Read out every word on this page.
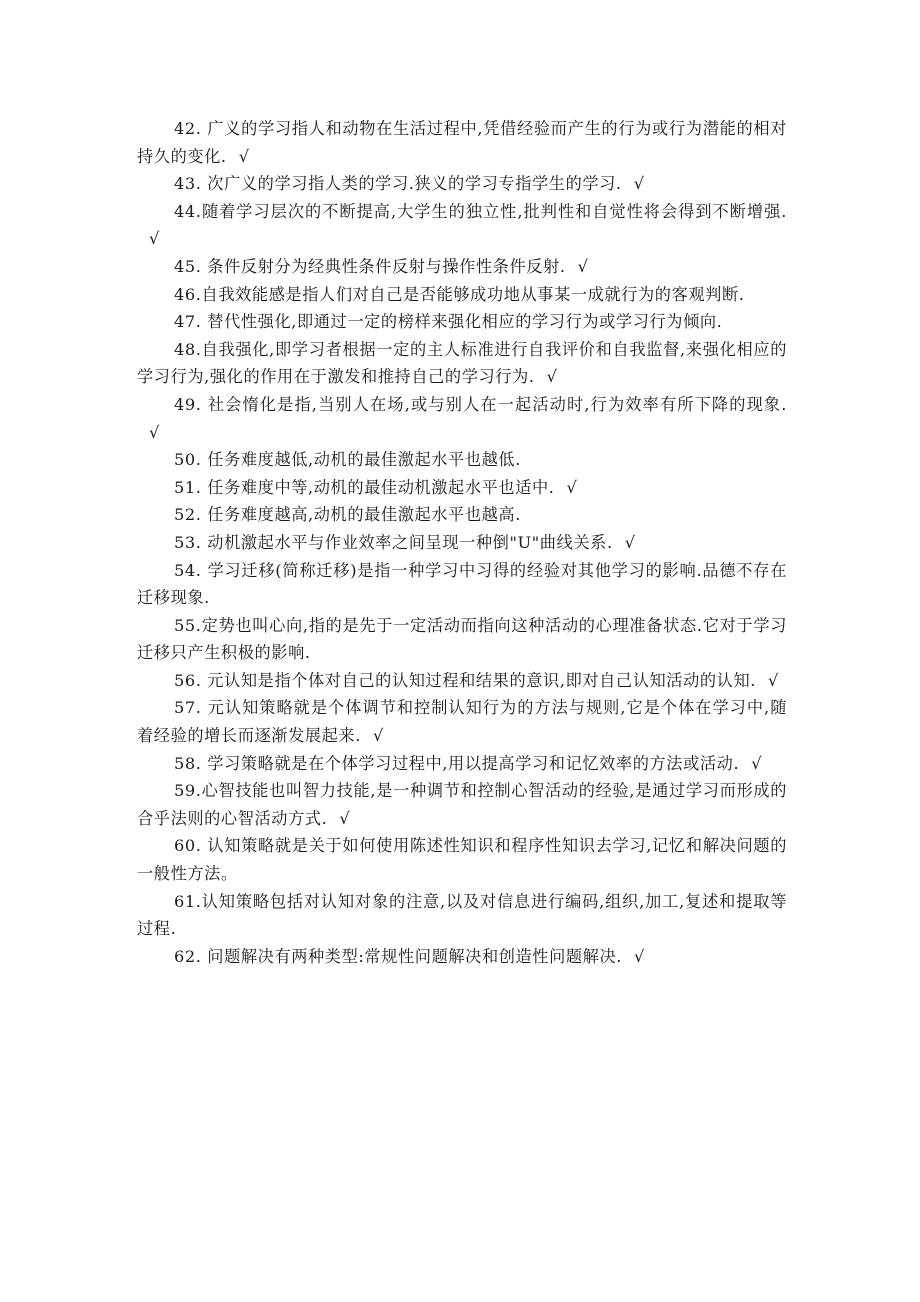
42. 广义的学习指人和动物在生活过程中,凭借经验而产生的行为或行为潜能的相对持久的变化. √

43. 次广义的学习指人类的学习.狭义的学习专指学生的学习. √

44.随着学习层次的不断提高,大学生的独立性,批判性和自觉性将会得到不断增强.√

45. 条件反射分为经典性条件反射与操作性条件反射. √

46.自我效能感是指人们对自己是否能够成功地从事某一成就行为的客观判断.

47. 替代性强化,即通过一定的榜样来强化相应的学习行为或学习行为倾向.

48.自我强化,即学习者根据一定的主人标准进行自我评价和自我监督,来强化相应的学习行为,强化的作用在于激发和推持自己的学习行为. √

49. 社会惰化是指,当别人在场,或与别人在一起活动时,行为效率有所下降的现象.√

50. 任务难度越低,动机的最佳激起水平也越低.

51. 任务难度中等,动机的最佳动机激起水平也适中. √

52. 任务难度越高,动机的最佳激起水平也越高.

53. 动机激起水平与作业效率之间呈现一种倒"U"曲线关系. √

54. 学习迁移(简称迁移)是指一种学习中习得的经验对其他学习的影响.品德不存在迁移现象.

55.定势也叫心向,指的是先于一定活动而指向这种活动的心理准备状态.它对于学习迁移只产生积极的影响.

56. 元认知是指个体对自己的认知过程和结果的意识,即对自己认知活动的认知. √

57. 元认知策略就是个体调节和控制认知行为的方法与规则,它是个体在学习中,随着经验的增长而逐渐发展起来. √

58. 学习策略就是在个体学习过程中,用以提高学习和记忆效率的方法或活动. √

59.心智技能也叫智力技能,是一种调节和控制心智活动的经验,是通过学习而形成的合乎法则的心智活动方式. √

60. 认知策略就是关于如何使用陈述性知识和程序性知识去学习,记忆和解决问题的一般性方法。

61.认知策略包括对认知对象的注意,以及对信息进行编码,组织,加工,复述和提取等过程.

62. 问题解决有两种类型:常规性问题解决和创造性问题解决. √
